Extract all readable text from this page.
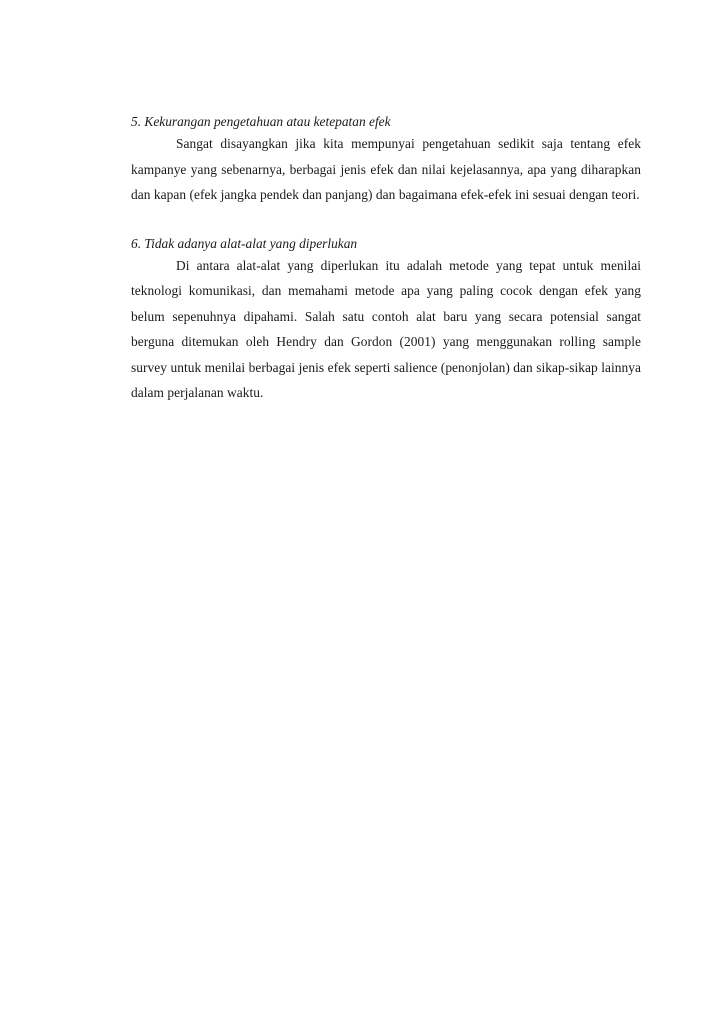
5. Kekurangan pengetahuan atau ketepatan efek

Sangat disayangkan jika kita mempunyai pengetahuan sedikit saja tentang efek kampanye yang sebenarnya, berbagai jenis efek dan nilai kejelasannya, apa yang diharapkan dan kapan (efek jangka pendek dan panjang) dan bagaimana efek-efek ini sesuai dengan teori.

6. Tidak adanya alat-alat yang diperlukan

Di antara alat-alat yang diperlukan itu adalah metode yang tepat untuk menilai teknologi komunikasi, dan memahami metode apa yang paling cocok dengan efek yang belum sepenuhnya dipahami. Salah satu contoh alat baru yang secara potensial sangat berguna ditemukan oleh Hendry dan Gordon (2001) yang menggunakan rolling sample survey untuk menilai berbagai jenis efek seperti salience (penonjolan) dan sikap-sikap lainnya dalam perjalanan waktu.
